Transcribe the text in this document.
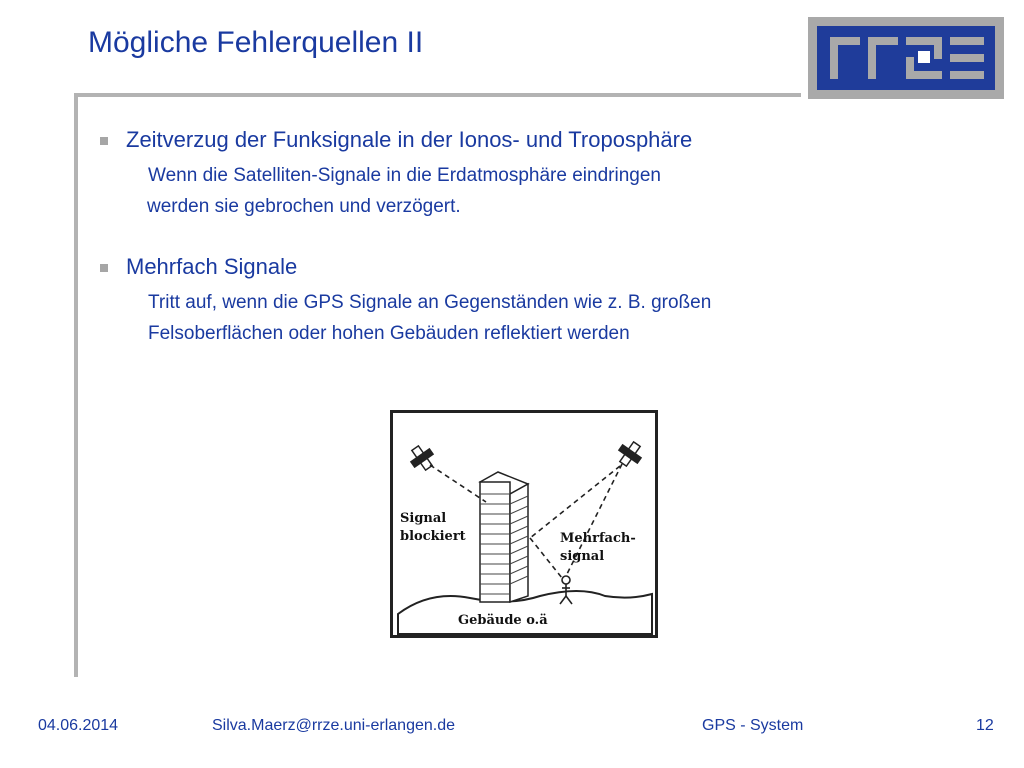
Mögliche Fehlerquellen II
Zeitverzug der Funksignale in der Ionos- und Troposphäre
Wenn die Satelliten-Signale in die Erdatmosphäre eindringen
werden sie gebrochen und verzögert.
Mehrfach Signale
Tritt auf, wenn die GPS Signale an Gegenständen wie z. B. großen
Felsoberflächen oder hohen Gebäuden reflektiert werden
Signal
blockiert	Mehrfach-
signal
Gebäude o.ä
04.06.2014	Silva.Maerz@rrze.uni-erlangen.de	GPS - System	12
